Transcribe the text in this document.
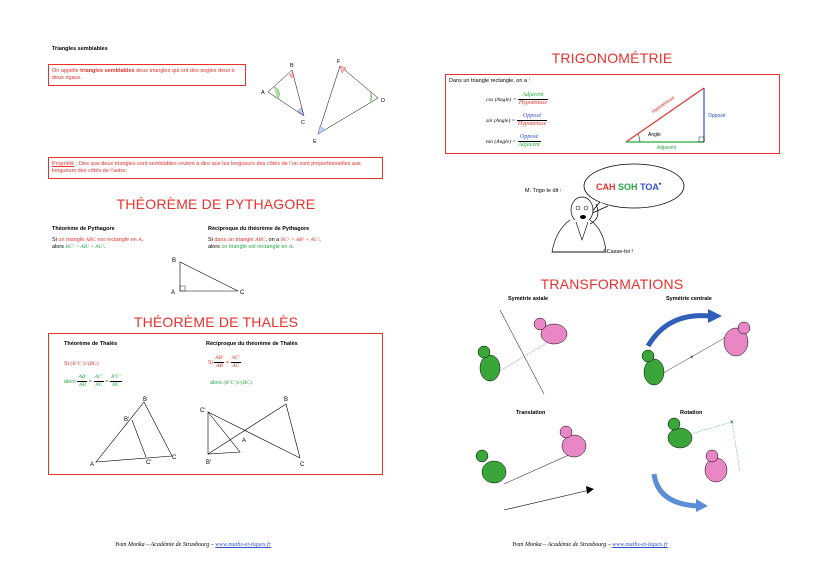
Triangles semblables
On appelle triangles semblables deux triangles qui ont des angles deux à deux égaux.
A
B
C
F
D
E
Propriété : Dire que deux triangles sont semblables revient à dire que les longueurs des côtés de l’un sont proportionnelles aux longueurs des côtés de l’autre.
THÉORÈME DE PYTHAGORE
Théorème de Pythagore
Si un triangle ABC est rectangle en A,
alors BC² = AB² + AC².
Réciproque du théorème de Pythagore
Si dans un triangle ABC, on a BC² = AB² + AC²,
alors ce triangle est rectangle en A.
B
A	C
THÉORÈME DE THALÈS
Théorème de Thalès
Si (B’C’)//(BC)
alors $\frac{AB'}{AB} = \frac{AC'}{AC} = \frac{B'C'}{BC}$
Réciproque du théorème de Thalès
Si $\frac{AB'}{AB} = \frac{AC'}{AC}$
alors (B’C’)//(BC).
B
B'
A	C'
C
C'
B
A
B'	C
Yvan Monka – Académie de Strasbourg – www.maths-et-tiques.fr
TRIGONOMÉTRIE
Dans un triangle rectangle, on a :
cos (Angle) = $\frac{\text{Adjacent}}{\text{Hypoténuse}}$
sin (Angle) = $\frac{\text{Opposé}}{\text{Hypoténuse}}$
tan (Angle) = $\frac{\text{Opposé}}{\text{Adjacent}}$
Hypoténuse
Opposé
Adjacent
Angle
M. Trigo te dit :	CAH SOH TOA*
* Casse-toi !
TRANSFORMATIONS
Symétrie axiale	Symétrie centrale
Translation	Rotation
×
×
Yvan Monka – Académie de Strasbourg – www.maths-et-tiques.fr
